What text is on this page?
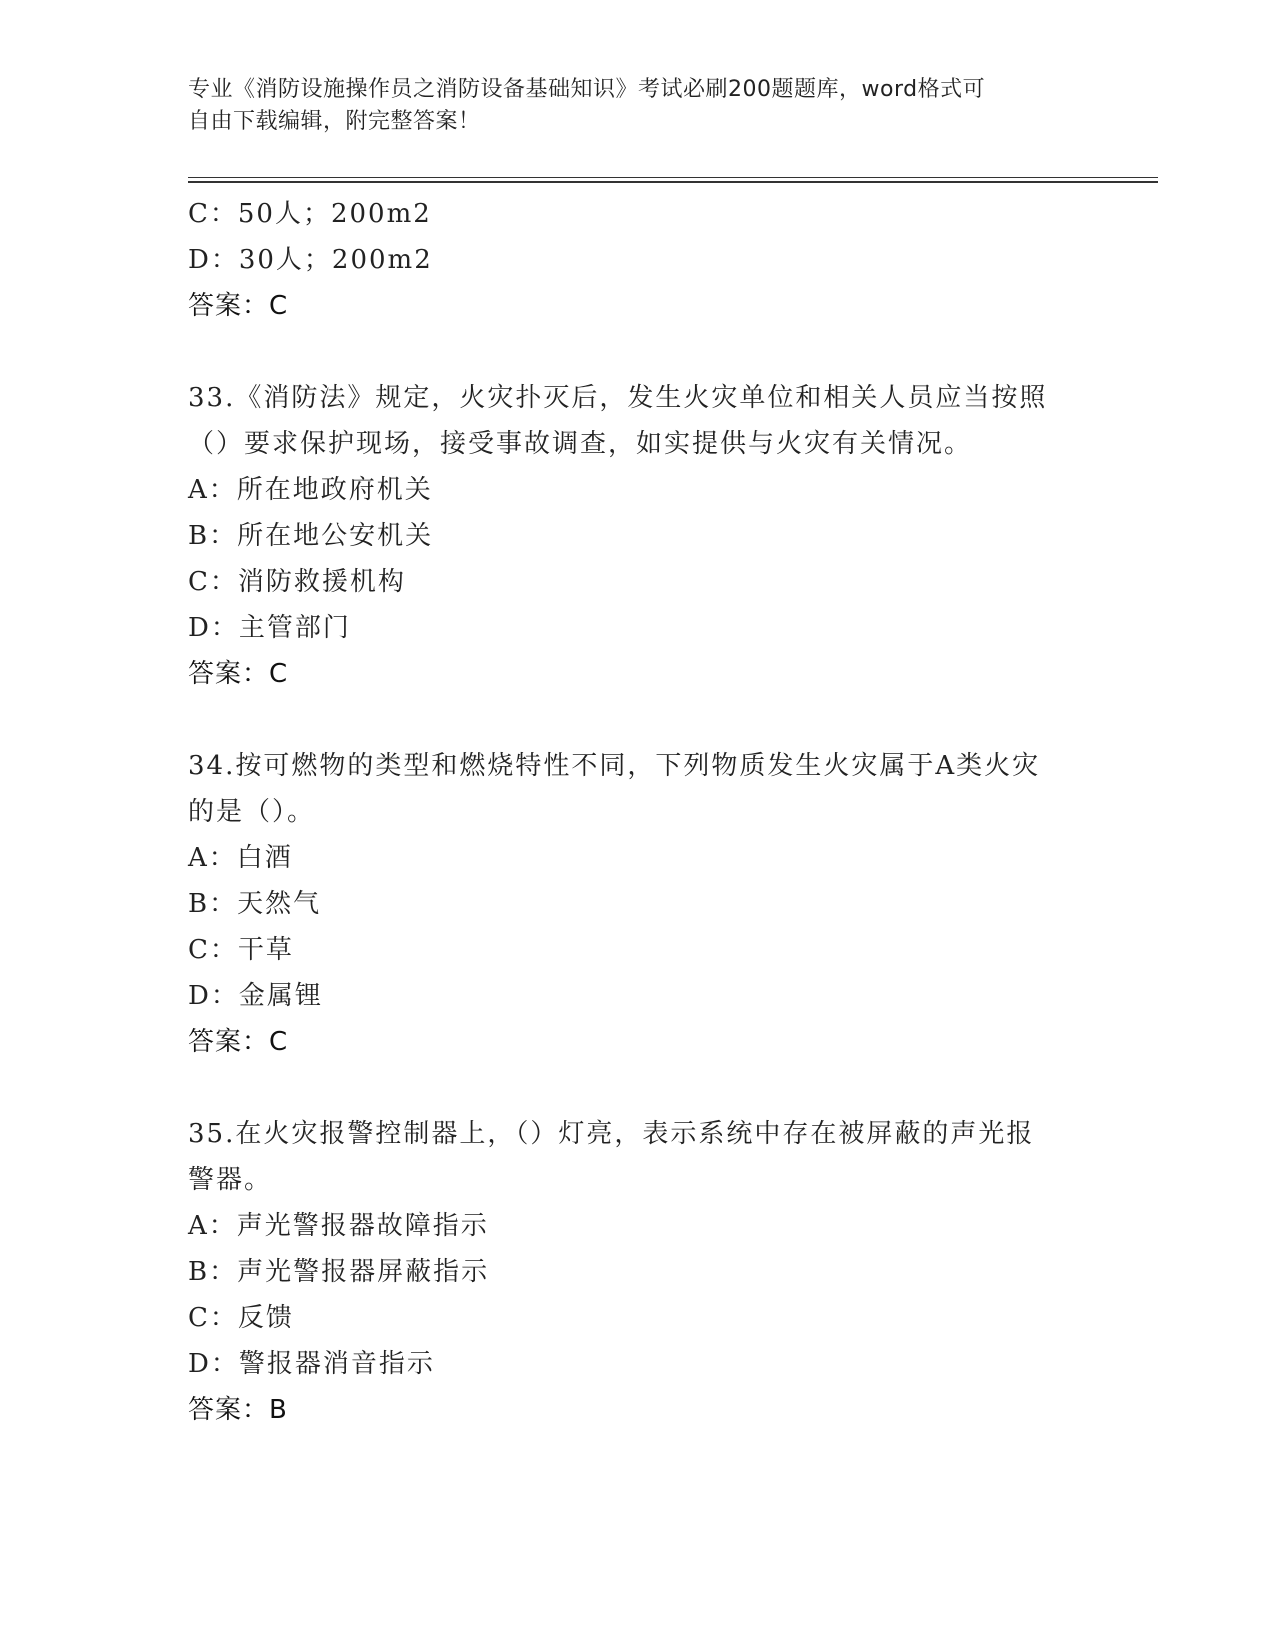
专业《消防设施操作员之消防设备基础知识》考试必刷200题题库，word格式可
自由下载编辑，附完整答案！
C：50人；200m2
D：30人；200m2
答案：C
33.《消防法》规定，火灾扑灭后，发生火灾单位和相关人员应当按照
（）要求保护现场，接受事故调查，如实提供与火灾有关情况。
A：所在地政府机关
B：所在地公安机关
C：消防救援机构
D：主管部门
答案：C
34.按可燃物的类型和燃烧特性不同，下列物质发生火灾属于A类火灾
的是（）。
A：白酒
B：天然气
C：干草
D：金属锂
答案：C
35.在火灾报警控制器上，（）灯亮，表示系统中存在被屏蔽的声光报
警器。
A：声光警报器故障指示
B：声光警报器屏蔽指示
C：反馈
D：警报器消音指示
答案：B
